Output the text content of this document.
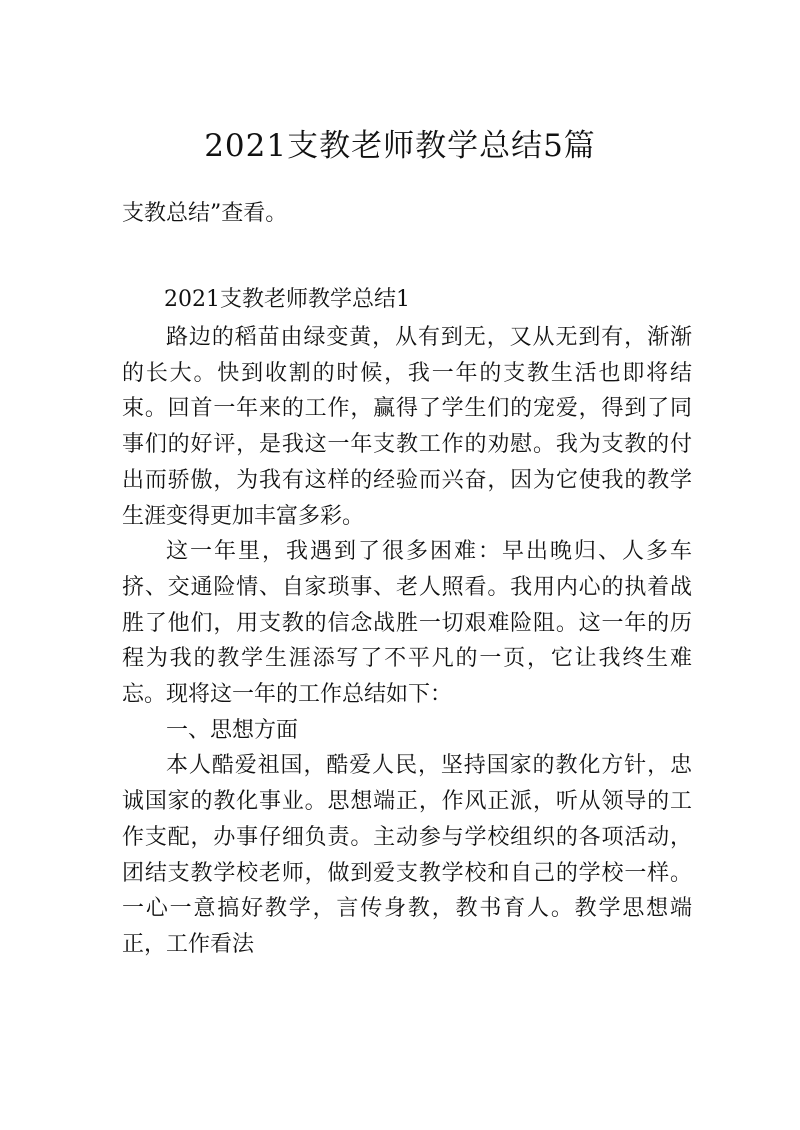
2021支教老师教学总结5篇
支教总结”查看。
2021支教老师教学总结1

路边的稻苗由绿变黄，从有到无，又从无到有，渐渐的长大。快到收割的时候，我一年的支教生活也即将结束。回首一年来的工作，赢得了学生们的宠爱，得到了同事们的好评，是我这一年支教工作的劝慰。我为支教的付出而骄傲，为我有这样的经验而兴奋，因为它使我的教学生涯变得更加丰富多彩。

这一年里，我遇到了很多困难：早出晚归、人多车挤、交通险情、自家琐事、老人照看。我用内心的执着战胜了他们，用支教的信念战胜一切艰难险阻。这一年的历程为我的教学生涯添写了不平凡的一页，它让我终生难忘。现将这一年的工作总结如下：

一、思想方面

本人酷爱祖国，酷爱人民，坚持国家的教化方针，忠诚国家的教化事业。思想端正，作风正派，听从领导的工作支配，办事仔细负责。主动参与学校组织的各项活动，团结支教学校老师，做到爱支教学校和自己的学校一样。一心一意搞好教学，言传身教，教书育人。教学思想端正，工作看法
